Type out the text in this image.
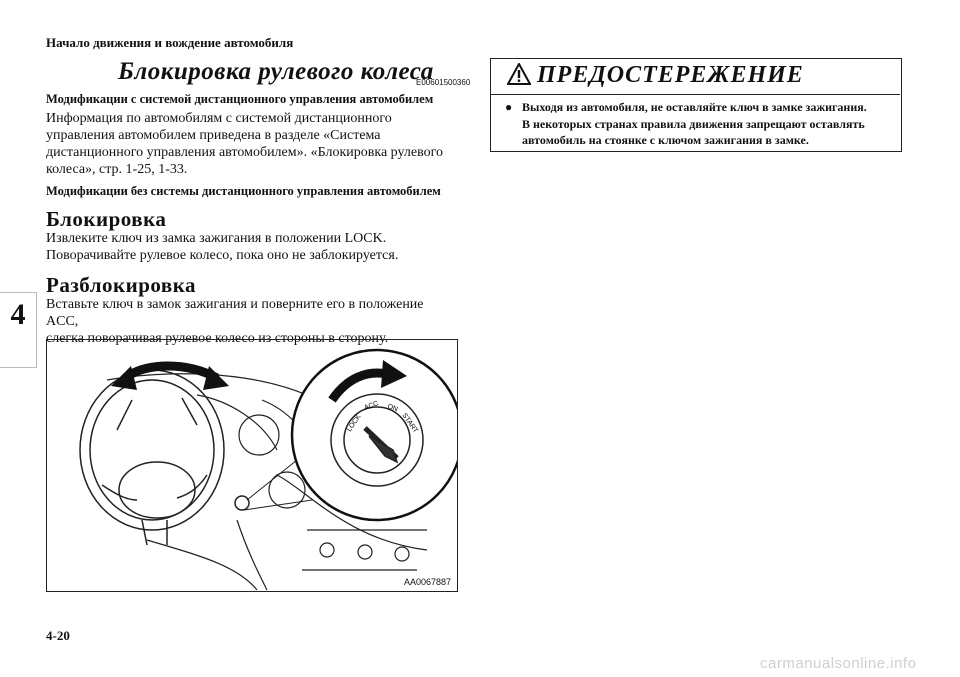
Начало движения и вождение автомобиля
4
Блокировка рулевого колеса
E00601500360
Модификации с системой дистанционного управления автомобилем
Информация по автомобилям с системой дистанционного
управления автомобилем приведена в разделе «Система
дистанционного управления автомобилем». «Блокировка рулевого
колеса», стр. 1-25, 1-33.
Модификации без системы дистанционного управления автомобилем
Блокировка
Извлеките ключ из замка зажигания в положении LOCK.
Поворачивайте рулевое колесо, пока оно не заблокируется.
Разблокировка
Вставьте ключ в замок зажигания и поверните его в положение ACC,
слегка поворачивая рулевое колесо из стороны в сторону.
LOCK
ACC ON
START
AA0067887
ПРЕДОСТЕРЕЖЕНИЕ
● Выходя из автомобиля, не оставляйте ключ в замке зажигания.
В некоторых странах правила движения запрещают оставлять
автомобиль на стоянке с ключом зажигания в замке.
4-20
carmanualsonline.info
